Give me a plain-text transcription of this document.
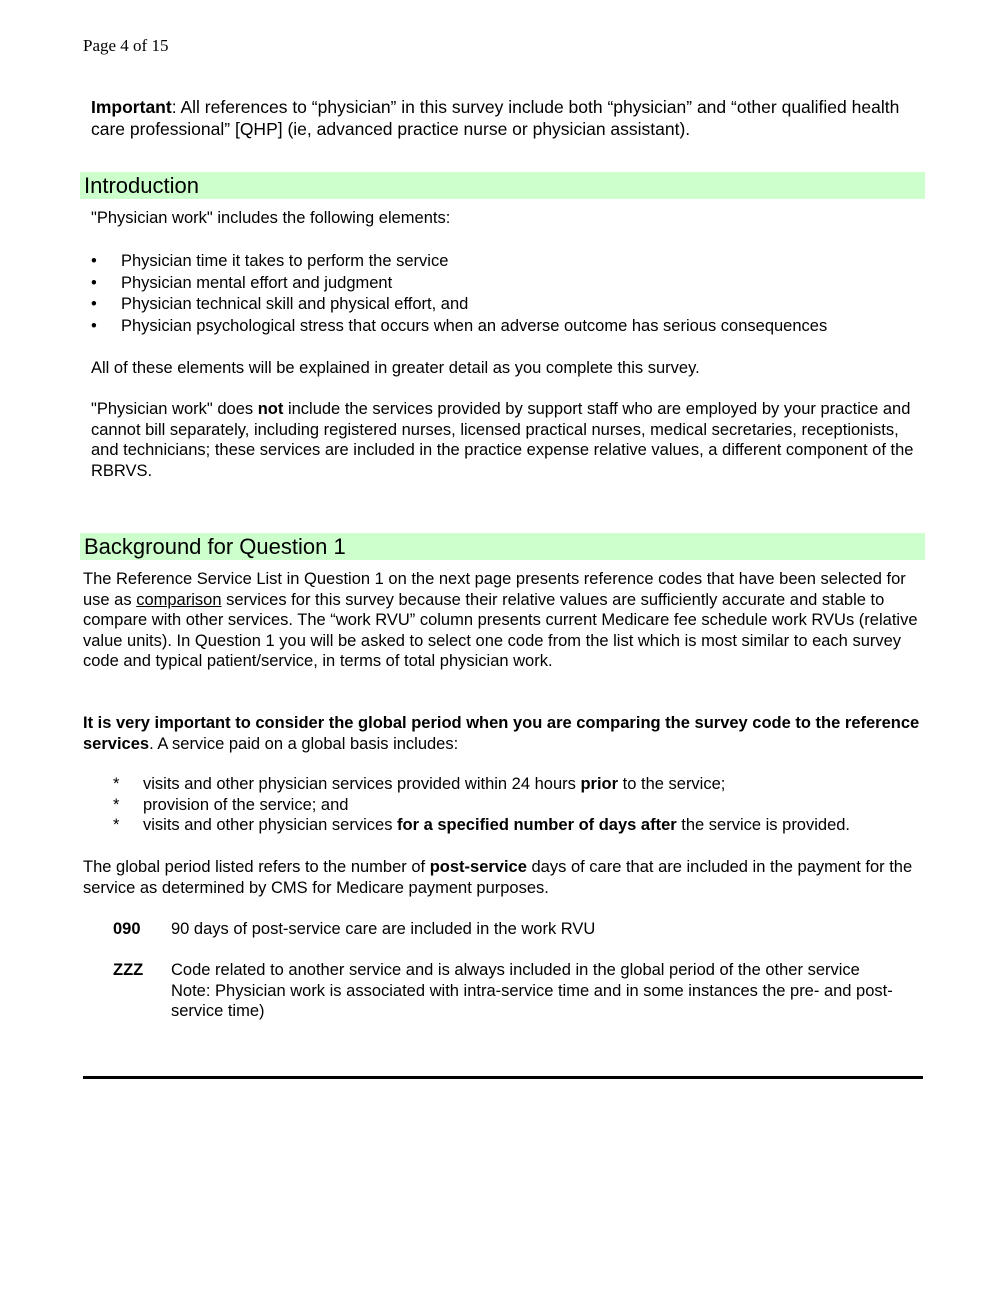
Page 4 of 15
Important: All references to “physician” in this survey include both “physician” and “other qualified health care professional” [QHP] (ie, advanced practice nurse or physician assistant).
Introduction
"Physician work" includes the following elements:
• Physician time it takes to perform the service
• Physician mental effort and judgment
• Physician technical skill and physical effort, and
• Physician psychological stress that occurs when an adverse outcome has serious consequences
All of these elements will be explained in greater detail as you complete this survey.
"Physician work" does not include the services provided by support staff who are employed by your practice and cannot bill separately, including registered nurses, licensed practical nurses, medical secretaries, receptionists, and technicians; these services are included in the practice expense relative values, a different component of the RBRVS.
Background for Question 1
The Reference Service List in Question 1 on the next page presents reference codes that have been selected for use as comparison services for this survey because their relative values are sufficiently accurate and stable to compare with other services. The “work RVU” column presents current Medicare fee schedule work RVUs (relative value units). In Question 1 you will be asked to select one code from the list which is most similar to each survey code and typical patient/service, in terms of total physician work.
It is very important to consider the global period when you are comparing the survey code to the reference services. A service paid on a global basis includes:
* visits and other physician services provided within 24 hours prior to the service;
* provision of the service; and
* visits and other physician services for a specified number of days after the service is provided.
The global period listed refers to the number of post-service days of care that are included in the payment for the service as determined by CMS for Medicare payment purposes.
090 90 days of post-service care are included in the work RVU
ZZZ Code related to another service and is always included in the global period of the other service
Note: Physician work is associated with intra-service time and in some instances the pre- and post-service time)
